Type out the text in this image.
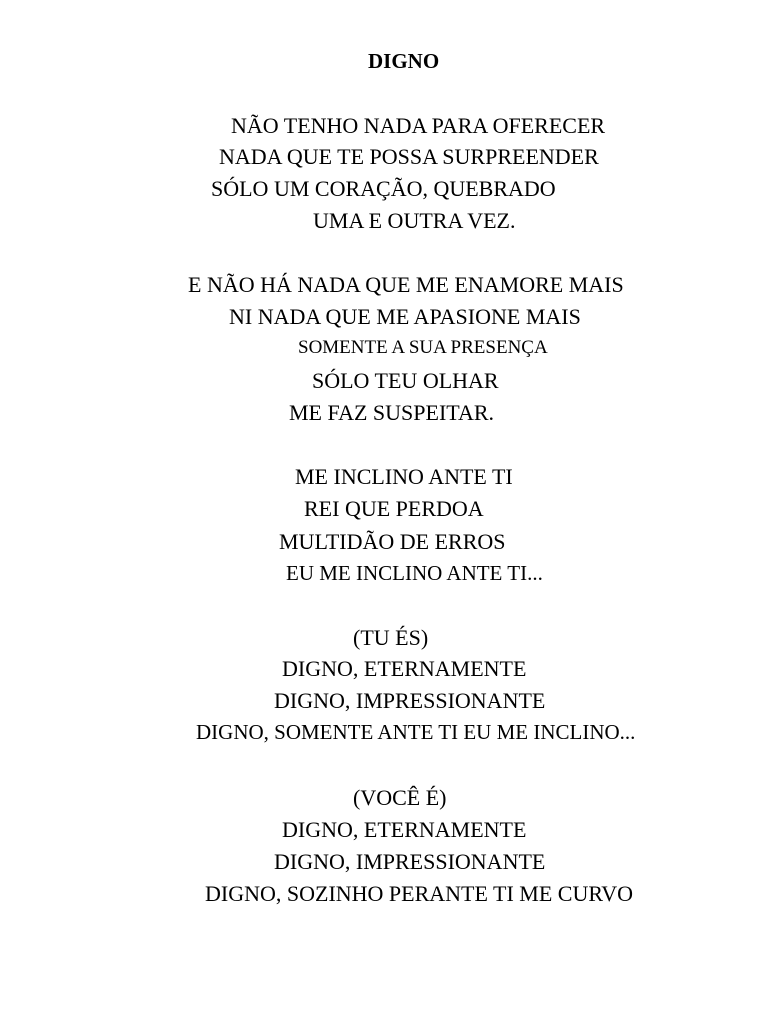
DIGNO
NÃO TENHO NADA PARA OFERECER
NADA QUE TE POSSA SURPREENDER
SÓLO UM CORAÇÃO, QUEBRADO
UMA E OUTRA VEZ.
E NÃO HÁ NADA QUE ME ENAMORE MAIS
NI NADA QUE ME APASIONE MAIS
SOMENTE A SUA PRESENÇA
SÓLO TEU OLHAR
ME FAZ SUSPEITAR.
ME INCLINO ANTE TI
REI QUE PERDOA
MULTIDÃO DE ERROS
EU ME INCLINO ANTE TI...
(TU ÉS)
DIGNO, ETERNAMENTE
DIGNO, IMPRESSIONANTE
DIGNO, SOMENTE ANTE TI EU ME INCLINO...
(VOCÊ É)
DIGNO, ETERNAMENTE
DIGNO, IMPRESSIONANTE
DIGNO, SOZINHO PERANTE TI ME CURVO
